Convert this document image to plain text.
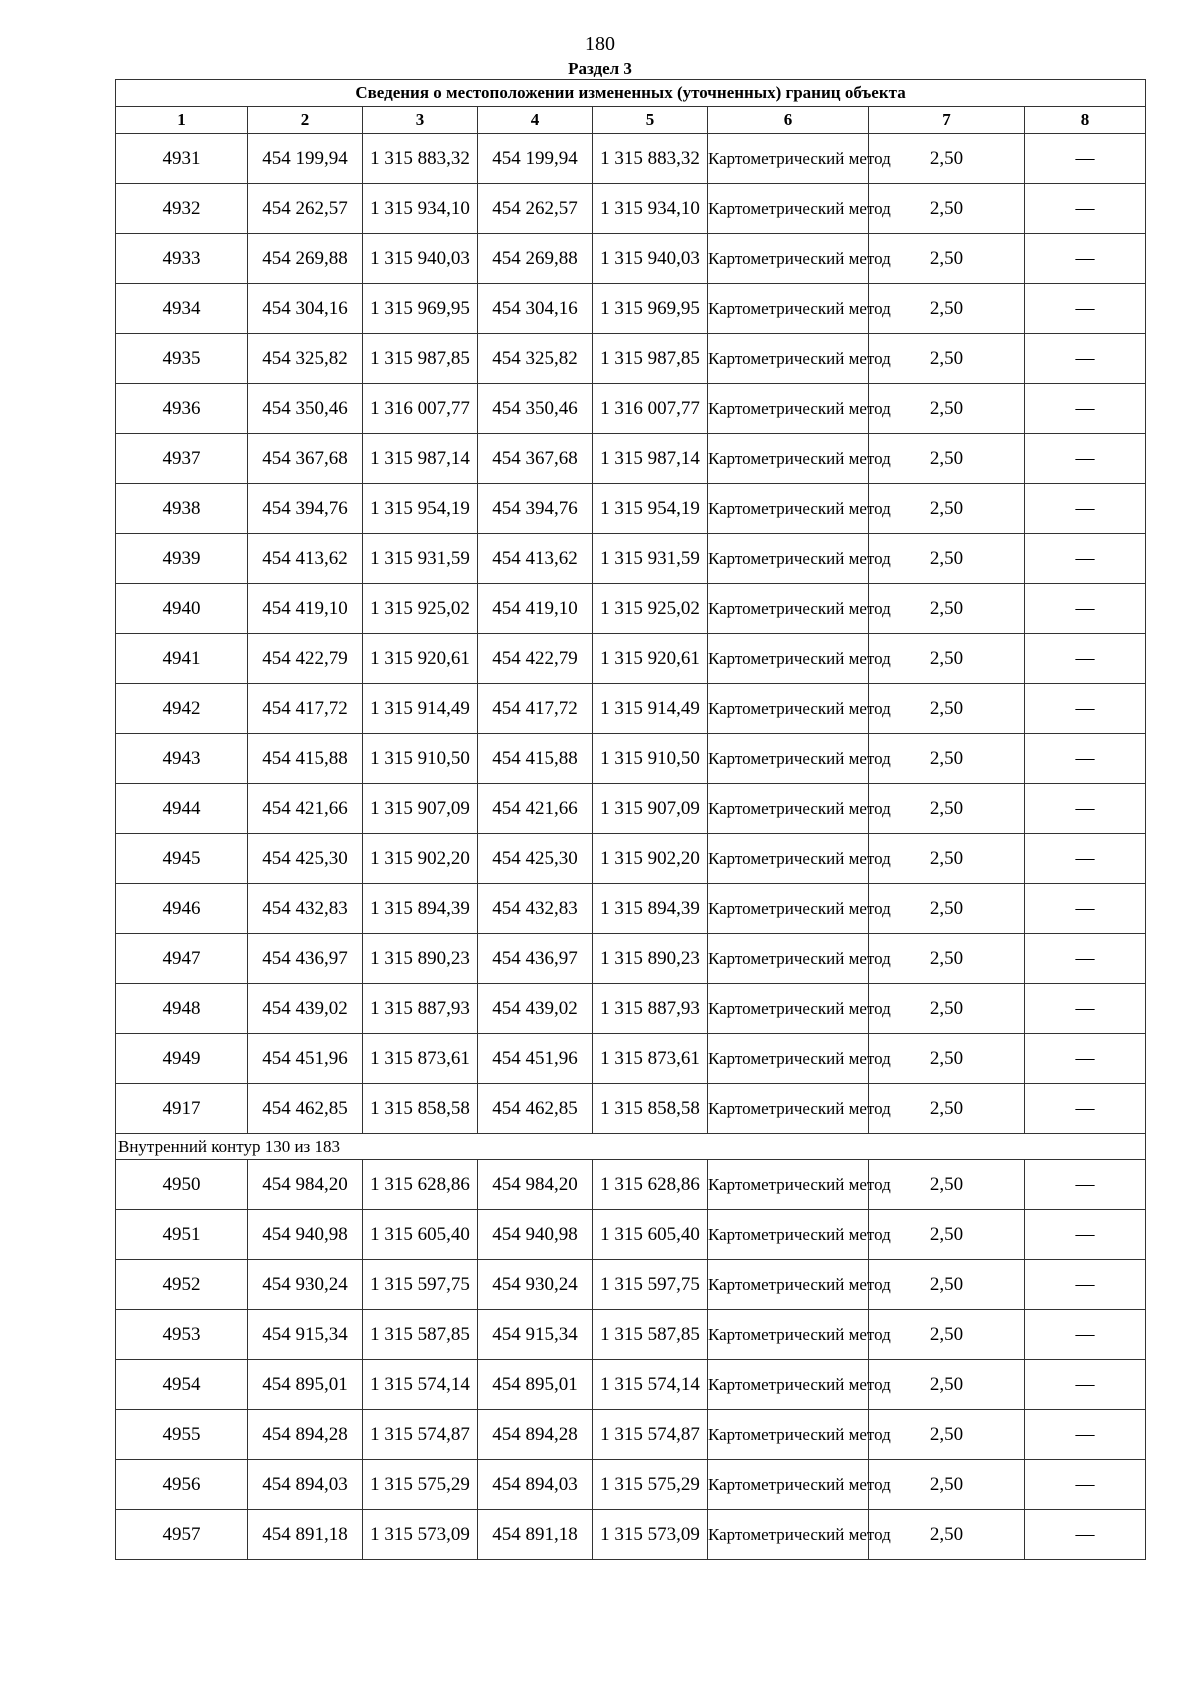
180
Раздел 3
Сведения о местоположении измененных (уточненных) границ объекта							
1	2	3	4	5	6	7	8
4931	454 199,94	1 315 883,32	454 199,94	1 315 883,32	Картометрический метод	2,50	—
4932	454 262,57	1 315 934,10	454 262,57	1 315 934,10	Картометрический метод	2,50	—
4933	454 269,88	1 315 940,03	454 269,88	1 315 940,03	Картометрический метод	2,50	—
4934	454 304,16	1 315 969,95	454 304,16	1 315 969,95	Картометрический метод	2,50	—
4935	454 325,82	1 315 987,85	454 325,82	1 315 987,85	Картометрический метод	2,50	—
4936	454 350,46	1 316 007,77	454 350,46	1 316 007,77	Картометрический метод	2,50	—
4937	454 367,68	1 315 987,14	454 367,68	1 315 987,14	Картометрический метод	2,50	—
4938	454 394,76	1 315 954,19	454 394,76	1 315 954,19	Картометрический метод	2,50	—
4939	454 413,62	1 315 931,59	454 413,62	1 315 931,59	Картометрический метод	2,50	—
4940	454 419,10	1 315 925,02	454 419,10	1 315 925,02	Картометрический метод	2,50	—
4941	454 422,79	1 315 920,61	454 422,79	1 315 920,61	Картометрический метод	2,50	—
4942	454 417,72	1 315 914,49	454 417,72	1 315 914,49	Картометрический метод	2,50	—
4943	454 415,88	1 315 910,50	454 415,88	1 315 910,50	Картометрический метод	2,50	—
4944	454 421,66	1 315 907,09	454 421,66	1 315 907,09	Картометрический метод	2,50	—
4945	454 425,30	1 315 902,20	454 425,30	1 315 902,20	Картометрический метод	2,50	—
4946	454 432,83	1 315 894,39	454 432,83	1 315 894,39	Картометрический метод	2,50	—
4947	454 436,97	1 315 890,23	454 436,97	1 315 890,23	Картометрический метод	2,50	—
4948	454 439,02	1 315 887,93	454 439,02	1 315 887,93	Картометрический метод	2,50	—
4949	454 451,96	1 315 873,61	454 451,96	1 315 873,61	Картометрический метод	2,50	—
4917	454 462,85	1 315 858,58	454 462,85	1 315 858,58	Картометрический метод	2,50	—
Внутренний контур 130 из 183							
4950	454 984,20	1 315 628,86	454 984,20	1 315 628,86	Картометрический метод	2,50	—
4951	454 940,98	1 315 605,40	454 940,98	1 315 605,40	Картометрический метод	2,50	—
4952	454 930,24	1 315 597,75	454 930,24	1 315 597,75	Картометрический метод	2,50	—
4953	454 915,34	1 315 587,85	454 915,34	1 315 587,85	Картометрический метод	2,50	—
4954	454 895,01	1 315 574,14	454 895,01	1 315 574,14	Картометрический метод	2,50	—
4955	454 894,28	1 315 574,87	454 894,28	1 315 574,87	Картометрический метод	2,50	—
4956	454 894,03	1 315 575,29	454 894,03	1 315 575,29	Картометрический метод	2,50	—
4957	454 891,18	1 315 573,09	454 891,18	1 315 573,09	Картометрический метод	2,50	—
